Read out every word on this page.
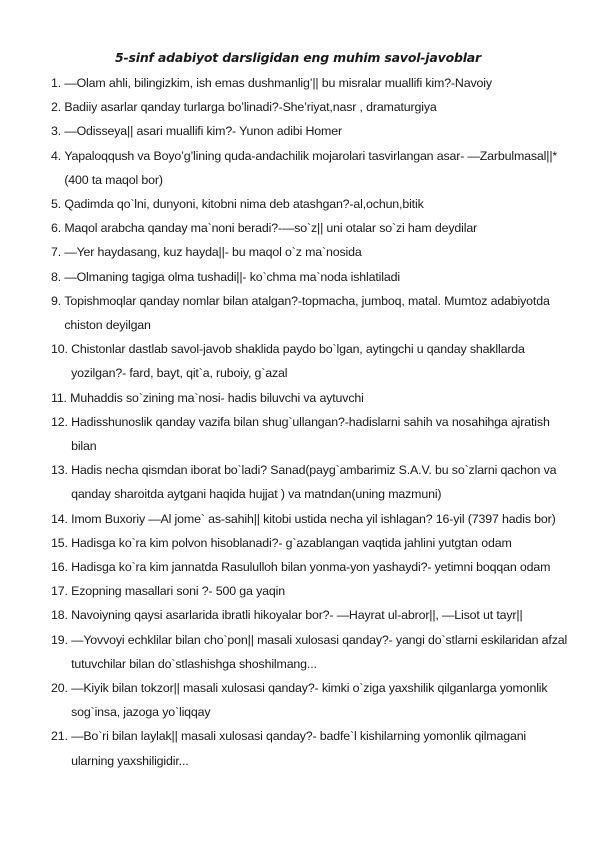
5-sinf adabiyot darsligidan eng muhim savol-javoblar
1. —Olam ahli, bilingizkim, ish emas dushmanlig’|| bu misralar muallifi kim?-Navoiy
2. Badiiy asarlar qanday turlarga bo’linadi?-She’riyat,nasr , dramaturgiya
3. —Odisseya|| asari muallifi kim?- Yunon adibi Homer
4. Yapaloqqush va Boyo’g’lining quda-andachilik mojarolari tasvirlangan asar- —Zarbulmasal||*(400 ta maqol bor)
5. Qadimda qo`lni, dunyoni, kitobni nima deb atashgan?-al,ochun,bitik
6. Maqol arabcha qanday ma`noni beradi?-—so`z|| uni otalar so`zi ham deydilar
7. —Yer haydasang, kuz hayda||- bu maqol o`z ma`nosida
8. —Olmaning tagiga olma tushadi||- ko`chma ma`noda ishlatiladi
9. Topishmoqlar qanday nomlar bilan atalgan?-topmacha, jumboq, matal. Mumtoz adabiyotda chiston deyilgan
10. Chistonlar dastlab savol-javob shaklida paydo bo`lgan, aytingchi u qanday shakllarda yozilgan?- fard, bayt, qit`a, ruboiy, g`azal
11. Muhaddis so`zining ma`nosi- hadis biluvchi va aytuvchi
12. Hadisshunoslik qanday vazifa bilan shug`ullangan?-hadislarni sahih va nosahihga ajratish bilan
13. Hadis necha qismdan iborat bo`ladi? Sanad(payg`ambarimiz S.A.V. bu so`zlarni qachon va qanday sharoitda aytgani haqida hujjat ) va matndan(uning mazmuni)
14. Imom Buxoriy —Al jome` as-sahih|| kitobi ustida necha yil ishlagan? 16-yil (7397 hadis bor)
15. Hadisga ko`ra kim polvon hisoblanadi?- g`azablangan vaqtida jahlini yutgtan odam
16. Hadisga ko`ra kim jannatda Rasululloh bilan yonma-yon yashaydi?- yetimni boqqan odam
17. Ezopning masallari soni ?- 500 ga yaqin
18. Navoiyning qaysi asarlarida ibratli hikoyalar bor?- —Hayrat ul-abror||, —Lisot ut tayr||
19. —Yovvoyi echklilar bilan cho`pon|| masali xulosasi qanday?- yangi do`stlarni eskilaridan afzal tutuvchilar bilan do`stlashishga shoshilmang...
20. —Kiyik bilan tokzor|| masali xulosasi qanday?- kimki o`ziga yaxshilik qilganlarga yomonlik sog`insa, jazoga yo`liqqay
21. —Bo`ri bilan laylak|| masali xulosasi qanday?- badfe`l kishilarning yomonlik qilmagani ularning yaxshiligidir...
